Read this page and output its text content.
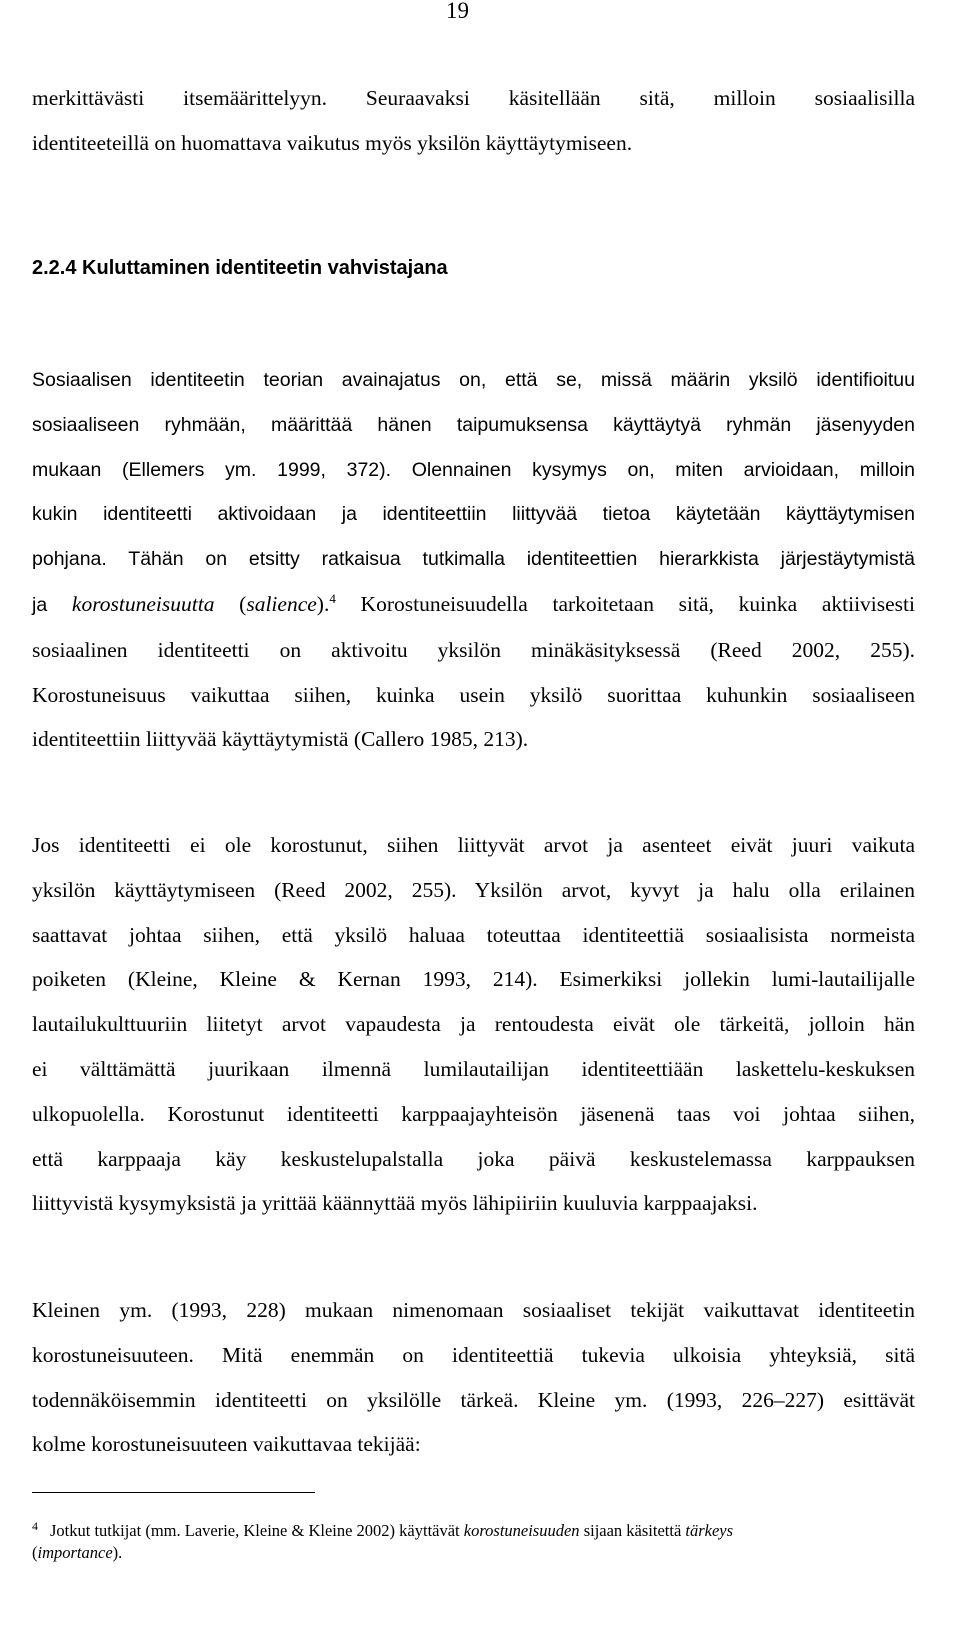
19

merkittävästi itsemäärittelyyn. Seuraavaksi käsitellään sitä, milloin sosiaalisilla
identiteeteillä on huomattava vaikutus myös yksilön käyttäytymiseen.

2.2.4 Kuluttaminen identiteetin vahvistajana

Sosiaalisen identiteetin teorian avainajatus on, että se, missä määrin yksilö identifioituu
sosiaaliseen ryhmään, määrittää hänen taipumuksensa käyttäytyä ryhmän jäsenyyden
mukaan (Ellemers ym. 1999, 372). Olennainen kysymys on, miten arvioidaan, milloin
kukin identiteetti aktivoidaan ja identiteettiin liittyvää tietoa käytetään käyttäytymisen
pohjana. Tähän on etsitty ratkaisua tutkimalla identiteettien hierarkkista järjestäytymistä
ja korostuneisuutta (salience).$^4$ Korostuneisuudella tarkoitetaan sitä, kuinka aktiivisesti
sosiaalinen identiteetti on aktivoitu yksilön minäkäsityksessä (Reed 2002, 255).
Korostuneisuus vaikuttaa siihen, kuinka usein yksilö suorittaa kuhunkin sosiaaliseen
identiteettiin liittyvää käyttäytymistä (Callero 1985, 213).

Jos identiteetti ei ole korostunut, siihen liittyvät arvot ja asenteet eivät juuri vaikuta
yksilön käyttäytymiseen (Reed 2002, 255). Yksilön arvot, kyvyt ja halu olla erilainen
saattavat johtaa siihen, että yksilö haluaa toteuttaa identiteettiä sosiaalisista normeista
poiketen (Kleine, Kleine & Kernan 1993, 214). Esimerkiksi jollekin lumi-lautailijalle
lautailukulttuuriin liitetyt arvot vapaudesta ja rentoudesta eivät ole tärkeitä, jolloin hän
ei välttämättä juurikaan ilmennä lumilautailijan identiteettiään laskettelu-keskuksen
ulkopuolella. Korostunut identiteetti karppaajayhteisön jäsenenä taas voi johtaa siihen,
että karppaaja käy keskustelupalstalla joka päivä keskustelemassa karppauksen
liittyvistä kysymyksistä ja yrittää käännyttää myös lähipiiriin kuuluvia karppaajaksi.

Kleinen ym. (1993, 228) mukaan nimenomaan sosiaaliset tekijät vaikuttavat identiteetin
korostuneisuuteen. Mitä enemmän on identiteettiä tukevia ulkoisia yhteyksiä, sitä
todennäköisemmin identiteetti on yksilölle tärkeä. Kleine ym. (1993, 226–227) esittävät
kolme korostuneisuuteen vaikuttavaa tekijää:

$^4$ Jotkut tutkijat (mm. Laverie, Kleine & Kleine 2002) käyttävät korostuneisuuden sijaan käsitettä tärkeys
(importance).
